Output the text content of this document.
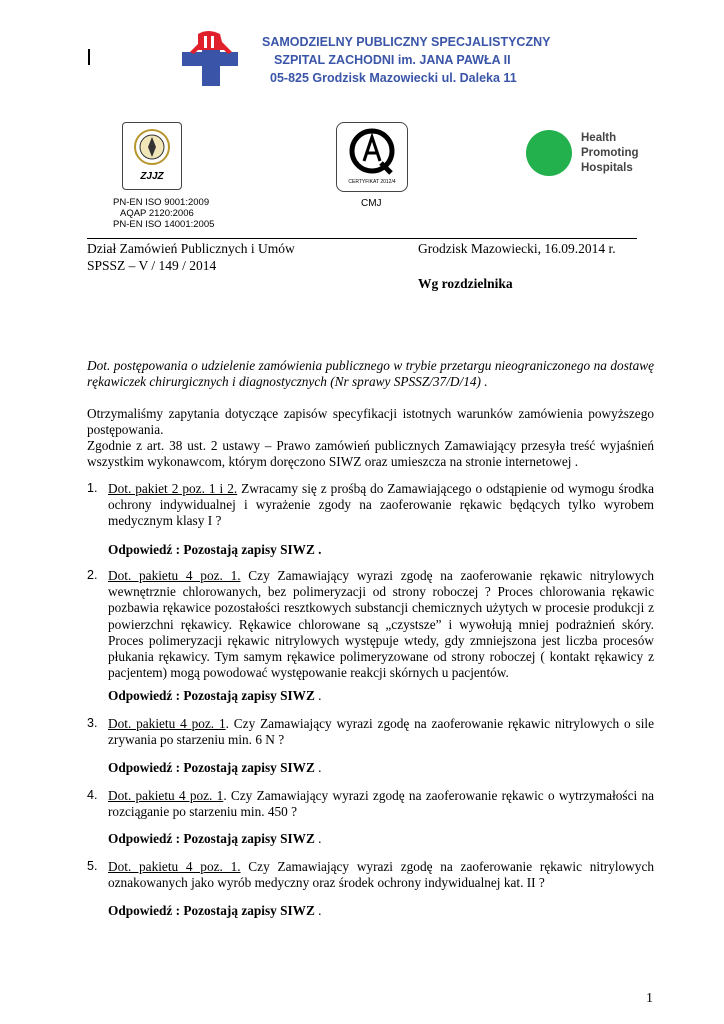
SAMODZIELNY PUBLICZNY SPECJALISTYCZNY
SZPITAL ZACHODNI im. JANA PAWŁA II
05-825 Grodzisk Mazowiecki ul. Daleka 11
ZJJZ
PN-EN ISO 9001:2009
AQAP 2120:2006
PN-EN ISO 14001:2005
CERTYFIKAT 2012/4
CMJ
Health
Promoting
Hospitals
Dział Zamówień Publicznych i Umów	Grodzisk Mazowiecki, 16.09.2014 r.
SPSSZ – V / 149 / 2014
Wg rozdzielnika
Dot. postępowania o udzielenie zamówienia publicznego w trybie przetargu nieograniczonego na dostawę rękawiczek chirurgicznych i diagnostycznych (Nr sprawy SPSSZ/37/D/14) .
Otrzymaliśmy zapytania dotyczące zapisów specyfikacji istotnych warunków zamówienia powyższego postępowania.
Zgodnie z art. 38 ust. 2 ustawy – Prawo zamówień publicznych Zamawiający przesyła treść wyjaśnień wszystkim wykonawcom, którym doręczono SIWZ oraz umieszcza na stronie internetowej .
1. Dot. pakiet 2 poz. 1 i 2. Zwracamy się z prośbą do Zamawiającego o odstąpienie od wymogu środka ochrony indywidualnej i wyrażenie zgody na zaoferowanie rękawic będących tylko wyrobem medycznym klasy I ?
Odpowiedź : Pozostają zapisy SIWZ .
2. Dot. pakietu 4 poz. 1. Czy Zamawiający wyrazi zgodę na zaoferowanie rękawic nitrylowych wewnętrznie chlorowanych, bez polimeryzacji od strony roboczej ? Proces chlorowania rękawic pozbawia rękawice pozostałości resztkowych substancji chemicznych użytych w procesie produkcji z powierzchni rękawicy. Rękawice chlorowane są „czystsze” i wywołują mniej podrażnień skóry. Proces polimeryzacji rękawic nitrylowych występuje wtedy, gdy zmniejszona jest liczba procesów płukania rękawicy. Tym samym rękawice polimeryzowane od strony roboczej ( kontakt rękawicy z pacjentem) mogą powodować występowanie reakcji skórnych u pacjentów.
Odpowiedź : Pozostają zapisy SIWZ .
3. Dot. pakietu 4 poz. 1. Czy Zamawiający wyrazi zgodę na zaoferowanie rękawic nitrylowych o sile zrywania po starzeniu min. 6 N ?
Odpowiedź : Pozostają zapisy SIWZ .
4. Dot. pakietu 4 poz. 1. Czy Zamawiający wyrazi zgodę na zaoferowanie rękawic o wytrzymałości na rozciąganie po starzeniu min. 450 ?
Odpowiedź : Pozostają zapisy SIWZ .
5. Dot. pakietu 4 poz. 1. Czy Zamawiający wyrazi zgodę na zaoferowanie rękawic nitrylowych oznakowanych jako wyrób medyczny oraz środek ochrony indywidualnej kat. II ?
Odpowiedź : Pozostają zapisy SIWZ .
1
